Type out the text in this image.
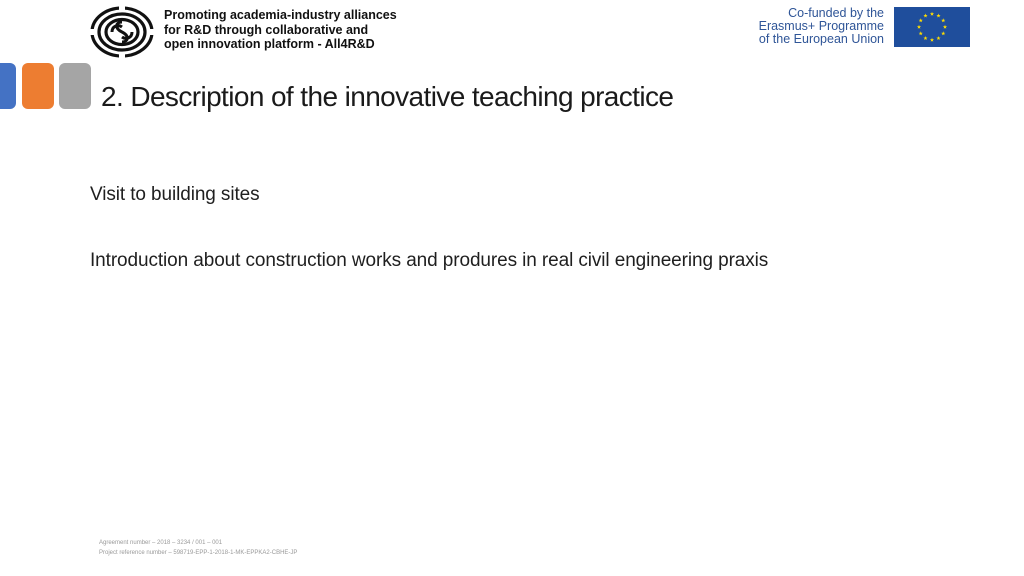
Promoting academia-industry alliances
for R&D through collaborative and
open innovation platform - All4R&D
Co-funded by the
Erasmus+ Programme
of the European Union
2. Description of the innovative teaching practice

Visit to building sites

Introduction about construction works and produres in real civil engineering praxis

Agreement number – 2018 – 3234 / 001 – 001
Project reference number – 598719-EPP-1-2018-1-MK-EPPKA2-CBHE-JP
